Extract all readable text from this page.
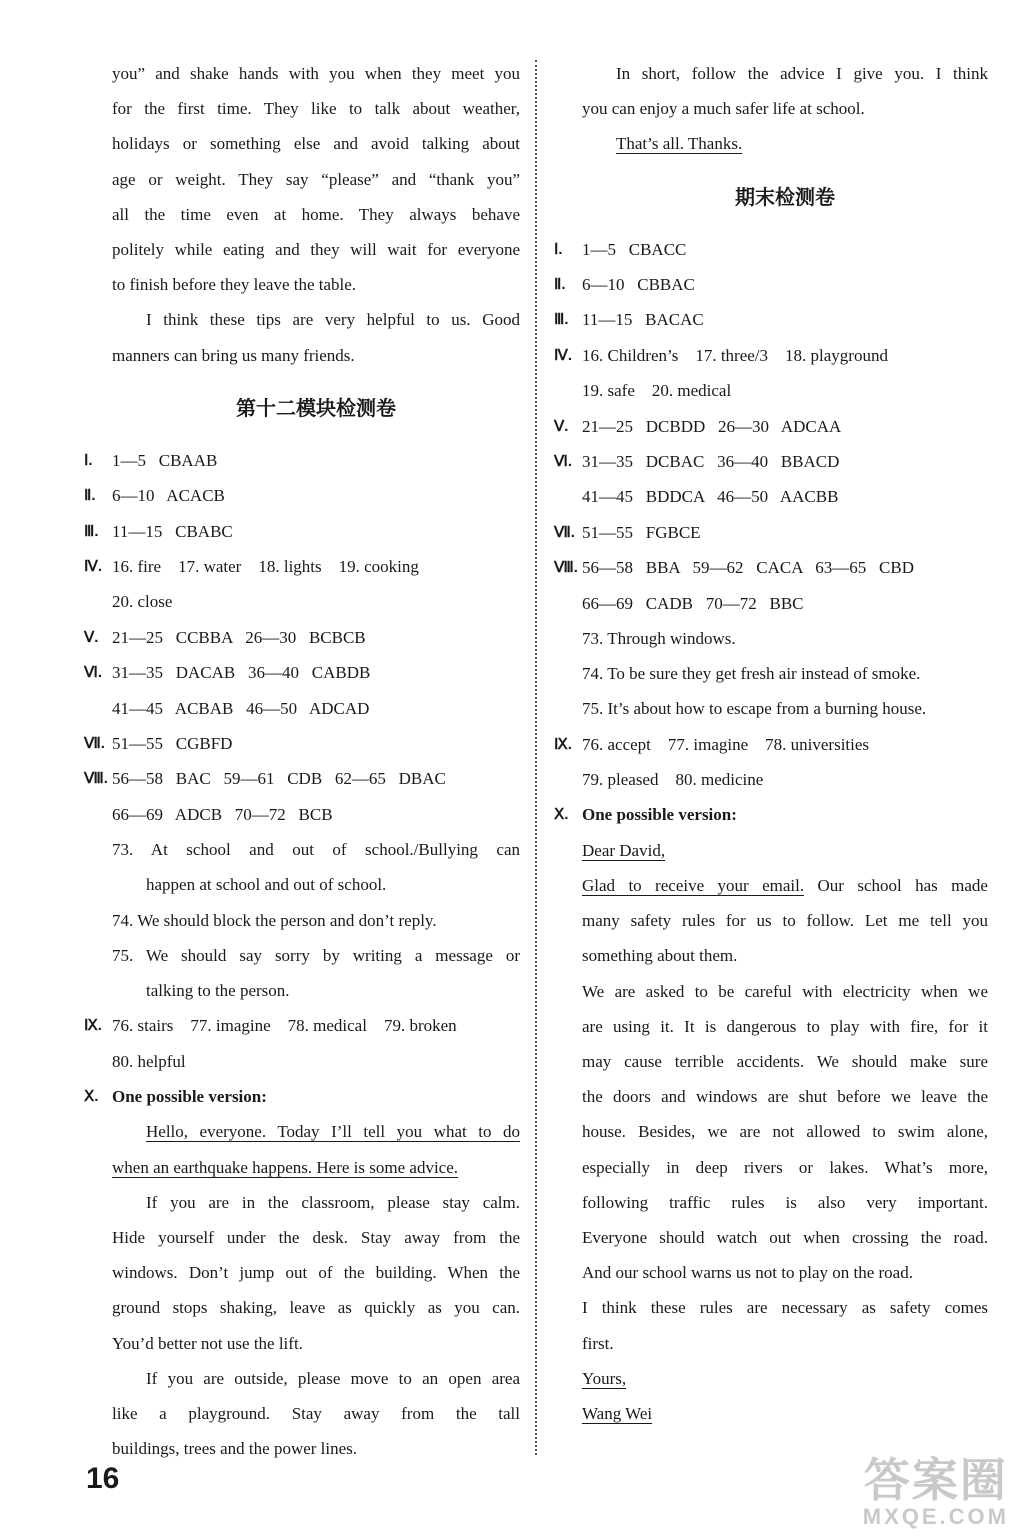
you” and shake hands with you when they meet you

for the first time. They like to talk about weather,

holidays or something else and avoid talking about

age or weight. They say “please” and “thank you”

all the time even at home. They always behave

politely while eating and they will wait for everyone

to finish before they leave the table.

I think these tips are very helpful to us. Good

manners can bring us many friends.

第十二模块检测卷
Ⅰ. 1—5   CBAAB
Ⅱ. 6—10   ACACB
Ⅲ. 11—15   CBABC
Ⅳ. 16. fire    17. water    18. lights    19. cooking
20. close
Ⅴ. 21—25   CCBBA   26—30   BCBCB
Ⅵ. 31—35   DACAB   36—40   CABDB
41—45   ACBAB   46—50   ADCAD
Ⅶ. 51—55   CGBFD
Ⅷ. 56—58   BAC   59—61   CDB   62—65   DBAC
66—69   ADCB   70—72   BCB

73. At school and out of school./Bullying can

happen at school and out of school.

74. We should block the person and don’t reply.

75. We should say sorry by writing a message or

talking to the person.

Ⅸ. 76. stairs    77. imagine    78. medical    79. broken
80. helpful
Ⅹ. One possible version:

Hello, everyone. Today I’ll tell you what to do

when an earthquake happens. Here is some advice.

If you are in the classroom, please stay calm.

Hide yourself under the desk. Stay away from the

windows. Don’t jump out of the building. When the

ground stops shaking, leave as quickly as you can.

You’d better not use the lift.

If you are outside, please move to an open area

like a playground. Stay away from the tall

buildings, trees and the power lines.

In short, follow the advice I give you. I think

you can enjoy a much safer life at school.

That’s all. Thanks.

期末检测卷
Ⅰ. 1—5   CBACC
Ⅱ. 6—10   CBBAC
Ⅲ. 11—15   BACAC
Ⅳ. 16. Children’s    17. three/3    18. playground
19. safe    20. medical
Ⅴ. 21—25   DCBDD   26—30   ADCAA
Ⅵ. 31—35   DCBAC   36—40   BBACD
41—45   BDDCA   46—50   AACBB
Ⅶ. 51—55   FGBCE
Ⅷ. 56—58   BBA   59—62   CACA   63—65   CBD
66—69   CADB   70—72   BBC

73. Through windows.

74. To be sure they get fresh air instead of smoke.

75. It’s about how to escape from a burning house.

Ⅸ. 76. accept    77. imagine    78. universities
79. pleased    80. medicine
Ⅹ. One possible version:

Dear David,

Glad to receive your email. Our school has made

many safety rules for us to follow. Let me tell you

something about them.

We are asked to be careful with electricity when we

are using it. It is dangerous to play with fire, for it

may cause terrible accidents. We should make sure

the doors and windows are shut before we leave the

house. Besides, we are not allowed to swim alone,

especially in deep rivers or lakes. What’s more,

following traffic rules is also very important.

Everyone should watch out when crossing the road.

And our school warns us not to play on the road.

I think these rules are necessary as safety comes

first.

Yours,

Wang Wei

16	答案圈
MXQE.COM
